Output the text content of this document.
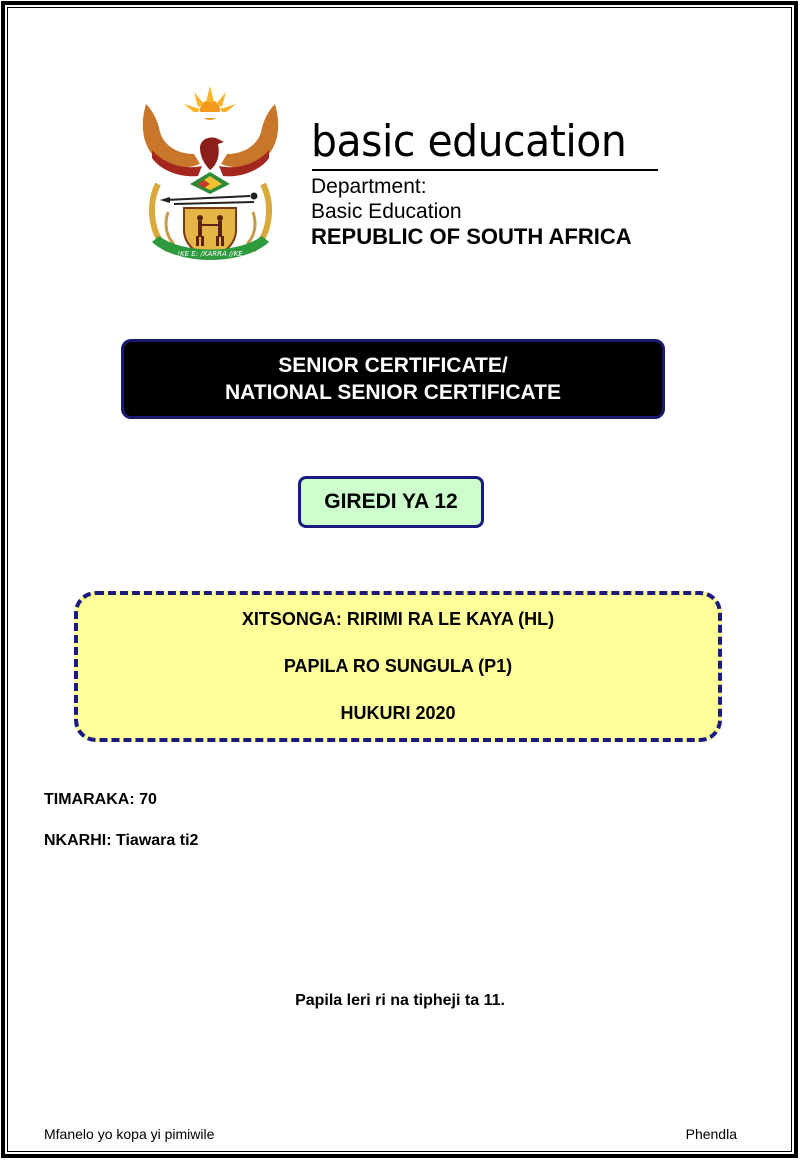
!KE E: /XARRA //KE
basic education
Department:
Basic Education
REPUBLIC OF SOUTH AFRICA
SENIOR CERTIFICATE/
NATIONAL SENIOR CERTIFICATE
GIREDI YA 12
XITSONGA: RIRIMI RA LE KAYA (HL)
PAPILA RO SUNGULA (P1)
HUKURI 2020
TIMARAKA: 70
NKARHI: Tiawara ti2
Papila leri ri na tipheji ta 11.
Mfanelo yo kopa yi pimiwile	Phendla
